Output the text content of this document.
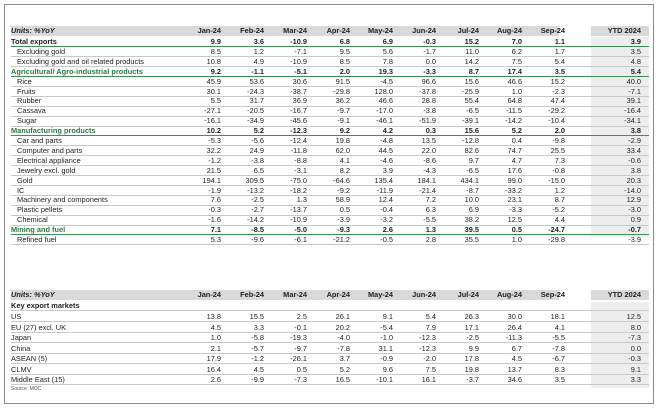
Units: %YoY	Jan-24	Feb-24	Mar-24	Apr-24	May-24	Jun-24	Jul-24	Aug-24	Sep-24	YTD 2024
Total exports	9.9	3.6	-10.9	6.8	6.9	-0.3	15.2	7.0	1.1	3.9
Excluding gold	8.5	1.2	-7.1	9.5	5.6	-1.7	11.0	6.2	1.7	3.5
Excluding gold and oil related products	10.8	4.9	-10.9	8.5	7.8	0.0	14.2	7.5	5.4	4.8
Agricultural/ Agro-industrial products	9.2	-1.1	-5.1	2.0	19.3	-3.3	8.7	17.4	3.5	5.4
Rice	45.9	53.6	30.6	91.5	-4.5	96.6	15.6	46.6	15.2	40.0
Fruits	30.1	-24.3	-38.7	-29.8	128.0	-37.8	-25.9	1.0	-2.3	-7.1
Rubber	5.5	31.7	36.9	36.2	46.6	28.8	55.4	64.8	47.4	39.1
Cassava	-27.1	-20.5	-16.7	-9.7	-17.0	-3.8	-6.5	-11.5	-29.2	-16.4
Sugar	-16.1	-34.9	-45.6	-9.1	-46.1	-51.9	-39.1	-14.2	-10.4	-34.1
Manufacturing products	10.2	5.2	-12.3	9.2	4.2	0.3	15.6	5.2	2.0	3.8
Car and parts	-5.3	-5.6	-12.4	19.8	-4.8	13.5	-12.8	0.4	-9.8	-2.9
Computer and parts	32.2	24.9	-11.8	62.0	44.5	22.0	82.6	74.7	25.5	33.4
Electrical appliance	-1.2	-3.8	-8.8	4.1	-4.6	-8.6	9.7	4.7	7.3	-0.6
Jewelry excl. gold	21.5	6.5	-3.1	8.2	3.9	-4.3	-6.5	17.6	-0.8	3.8
Gold	194.1	309.5	-75.0	-64.6	135.4	184.1	434.1	99.0	-15.0	20.3
IC	-1.9	-13.2	-18.2	-9.2	-11.9	-21.4	-8.7	-33.2	1.2	-14.0
Machinery and components	7.6	-2.5	1.3	58.9	12.4	7.2	10.0	23.1	8.7	12.9
Plastic pellets	-0.3	-2.7	-13.7	0.5	-0.4	6.3	6.9	-3.3	-5.2	-3.0
Chemical	-1.6	-14.2	-10.9	-3.9	-3.2	-5.5	38.2	12.5	4.4	0.9
Mining and fuel	7.1	-8.5	-5.0	-9.3	2.6	1.3	39.5	0.5	-24.7	-0.7
Refined fuel	5.3	-9.6	-6.1	-21.2	-0.5	2.8	35.5	1.0	-29.8	-3.9
Units: %YoY	Jan-24	Feb-24	Mar-24	Apr-24	May-24	Jun-24	Jul-24	Aug-24	Sep-24	YTD 2024
Key export markets
US	13.8	15.5	2.5	26.1	9.1	5.4	26.3	30.0	18.1	12.5
EU (27) excl. UK	4.5	3.3	-0.1	20.2	-5.4	7.9	17.1	26.4	4.1	8.0
Japan	1.0	-5.8	-19.3	-4.0	-1.0	-12.3	-2.5	-11.3	-5.5	-7.3
China	2.1	-5.7	-9.7	-7.8	31.1	-12.3	9.9	6.7	-7.8	0.0
ASEAN (5)	17.9	-1.2	-26.1	3.7	-0.9	-2.0	17.8	4.5	-6.7	-0.3
CLMV	16.4	4.5	0.5	5.2	9.6	7.5	19.8	13.7	8.3	9.1
Middle East (15)	2.6	-9.9	-7.3	16.5	-10.1	16.1	-3.7	34.6	3.5	3.3
Source: MOC
